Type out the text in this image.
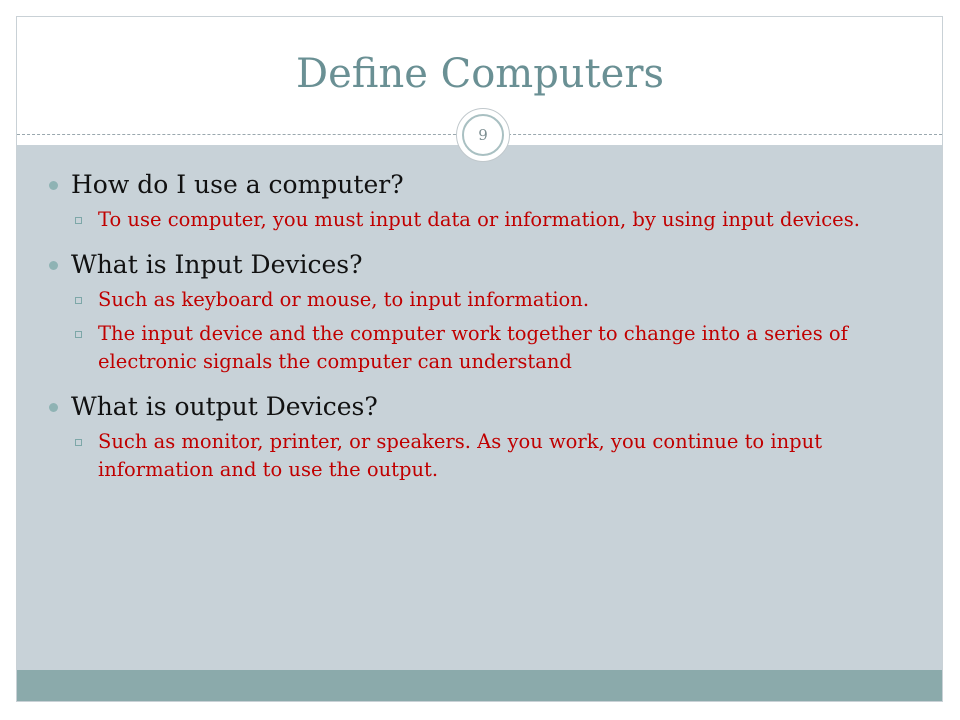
Define Computers
9
How do I use a computer?
To use computer, you must input data or information, by using input devices.
What is Input Devices?
Such as keyboard or mouse, to input information.
The input device and the computer work together to change into a series of electronic signals the computer can understand
What is output Devices?
Such as monitor, printer, or speakers. As you work, you continue to input information and to use the output.
